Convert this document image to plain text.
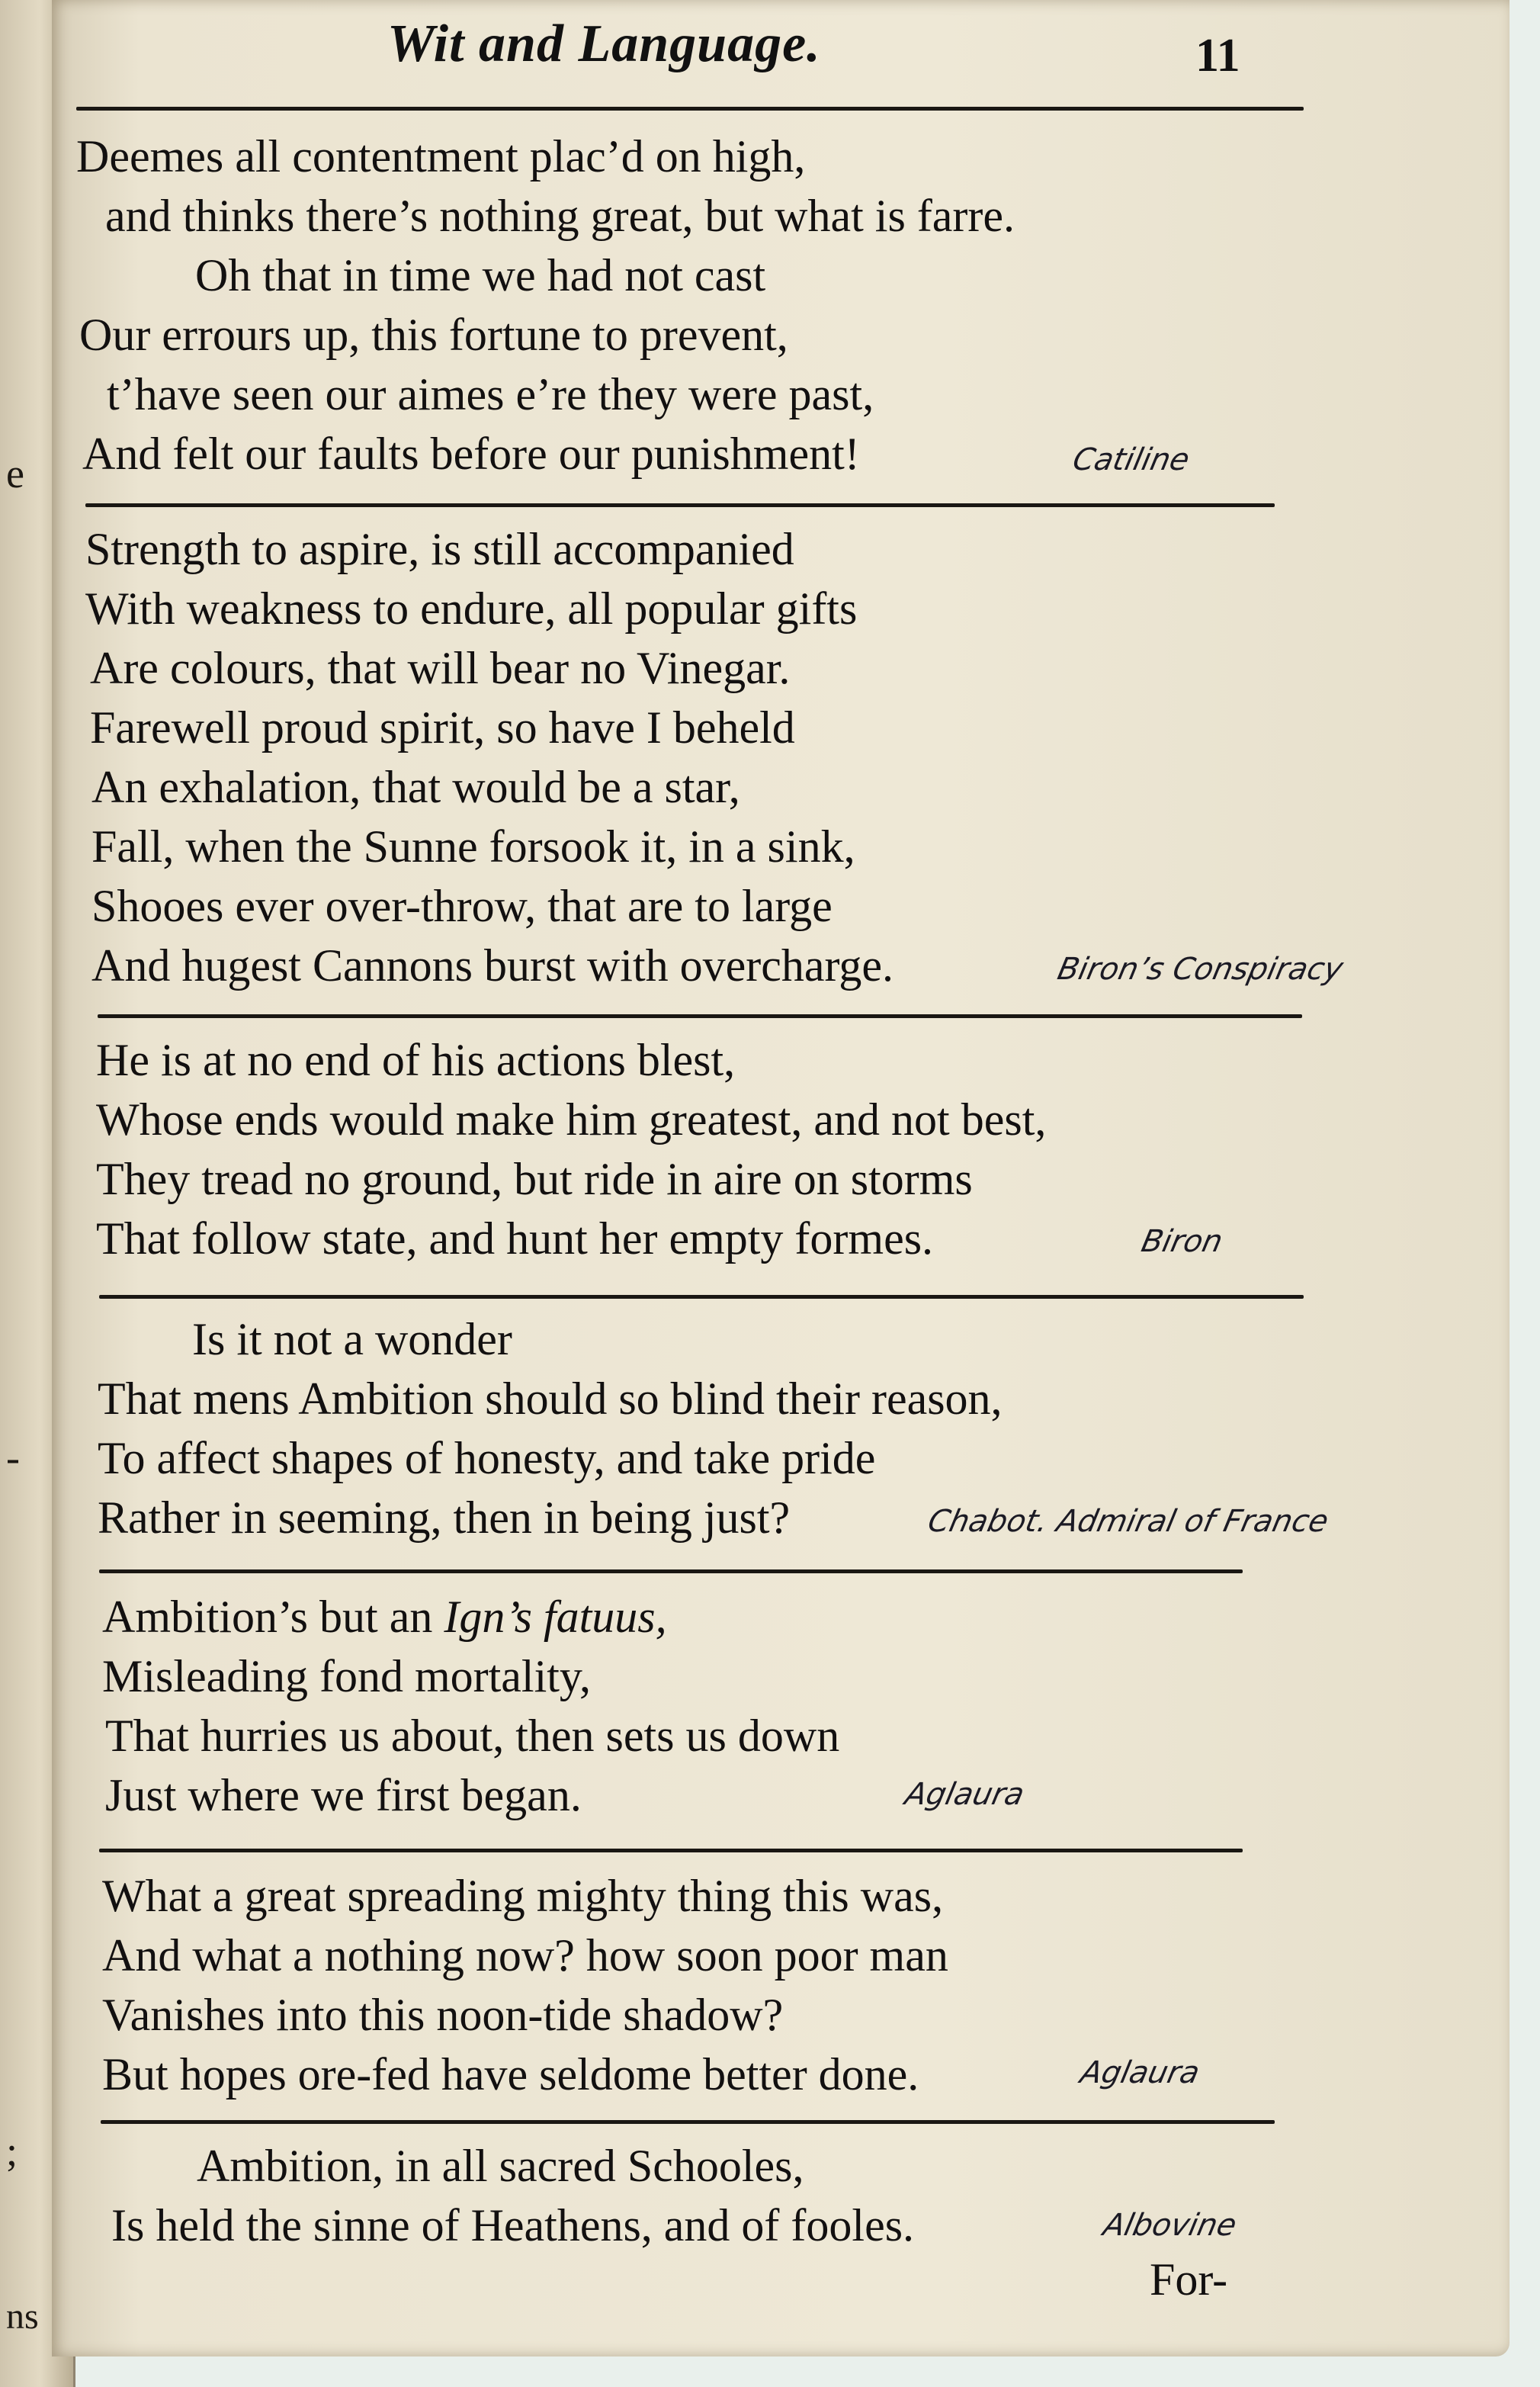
e
-
;
ns
Wit and Language.	11
Deemes all contentment plac’d on high,
and thinks there’s nothing great, but what is farre.
Oh that in time we had not cast
Our errours up, this fortune to prevent,
t’have seen our aimes e’re they were past,
And felt our faults before our punishment!	Catiline
Strength to aspire, is still accompanied
With weakness to endure, all popular gifts
Are colours, that will bear no Vinegar.
Farewell proud spirit, so have I beheld
An exhalation, that would be a star,
Fall, when the Sunne forsook it, in a sink,
Shooes ever over-throw, that are to large
And hugest Cannons burst with overcharge.	Biron’s Conspiracy
He is at no end of his actions blest,
Whose ends would make him greatest, and not best,
They tread no ground, but ride in aire on storms
That follow state, and hunt her empty formes.	Biron
Is it not a wonder
That mens Ambition should so blind their reason,
To affect shapes of honesty, and take pride
Rather in seeming, then in being just?	Chabot. Admiral of France
Ambition’s but an Ign’s fatuus,
Misleading fond mortality,
That hurries us about, then sets us down
Just where we first began.	Aglaura
What a great spreading mighty thing this was,
And what a nothing now? how soon poor man
Vanishes into this noon-tide shadow?
But hopes ore-fed have seldome better done.	Aglaura
Ambition, in all sacred Schooles,
Is held the sinne of Heathens, and of fooles.	Albovine
For-
